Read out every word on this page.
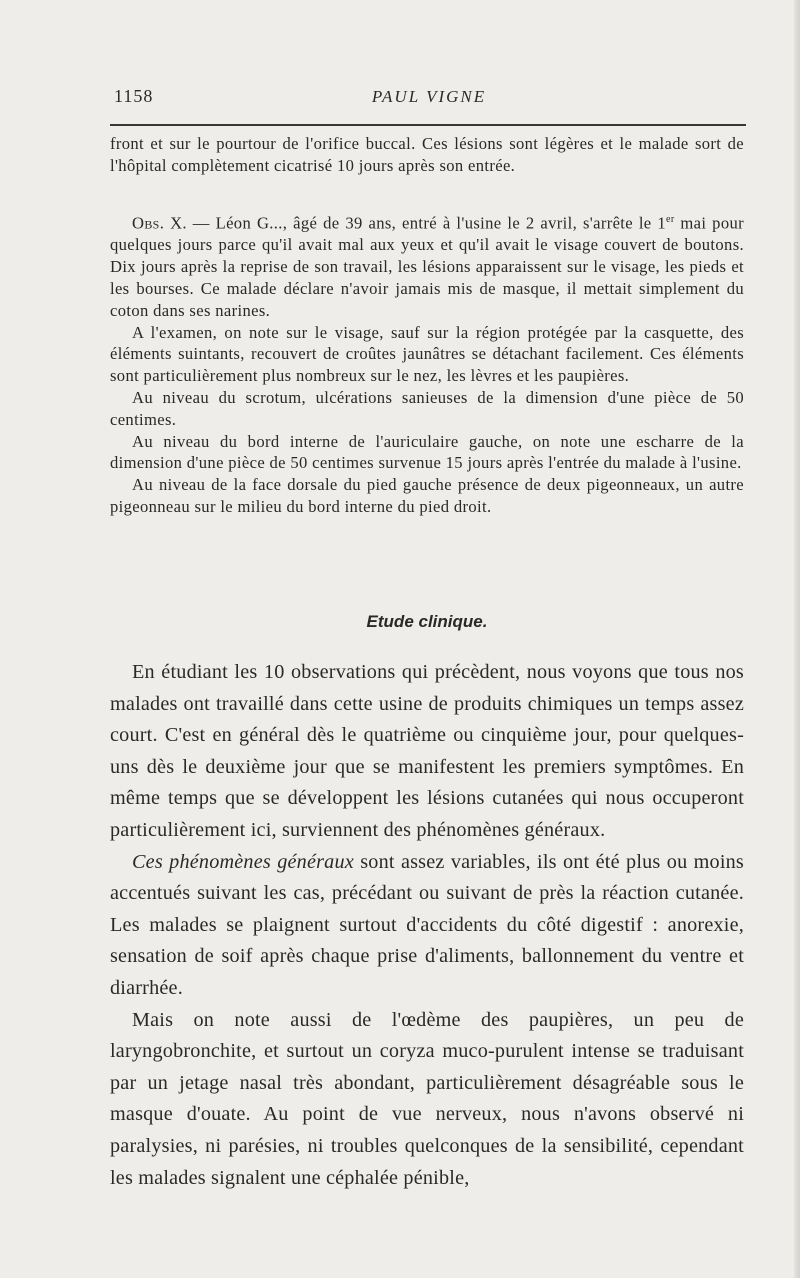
1158	PAUL VIGNE

front et sur le pourtour de l'orifice buccal. Ces lésions sont légères et le malade sort de l'hôpital complètement cicatrisé 10 jours après son entrée.

Obs. X. — Léon G..., âgé de 39 ans, entré à l'usine le 2 avril, s'arrête le 1er mai pour quelques jours parce qu'il avait mal aux yeux et qu'il avait le visage couvert de boutons. Dix jours après la reprise de son travail, les lésions apparaissent sur le visage, les pieds et les bourses. Ce malade déclare n'avoir jamais mis de masque, il mettait simplement du coton dans ses narines.

A l'examen, on note sur le visage, sauf sur la région protégée par la casquette, des éléments suintants, recouvert de croûtes jaunâtres se détachant facilement. Ces éléments sont particulièrement plus nombreux sur le nez, les lèvres et les paupières.

Au niveau du scrotum, ulcérations sanieuses de la dimension d'une pièce de 50 centimes.

Au niveau du bord interne de l'auriculaire gauche, on note une escharre de la dimension d'une pièce de 50 centimes survenue 15 jours après l'entrée du malade à l'usine.

Au niveau de la face dorsale du pied gauche présence de deux pigeonneaux, un autre pigeonneau sur le milieu du bord interne du pied droit.

Etude clinique.

En étudiant les 10 observations qui précèdent, nous voyons que tous nos malades ont travaillé dans cette usine de produits chimiques un temps assez court. C'est en général dès le quatrième ou cinquième jour, pour quelques-uns dès le deuxième jour que se manifestent les premiers symptômes. En même temps que se développent les lésions cutanées qui nous occuperont particulièrement ici, surviennent des phénomènes généraux.

Ces phénomènes généraux sont assez variables, ils ont été plus ou moins accentués suivant les cas, précédant ou suivant de près la réaction cutanée. Les malades se plaignent surtout d'accidents du côté digestif : anorexie, sensation de soif après chaque prise d'aliments, ballonnement du ventre et diarrhée.

Mais on note aussi de l'œdème des paupières, un peu de laryngobronchite, et surtout un coryza muco-purulent intense se traduisant par un jetage nasal très abondant, particulièrement désagréable sous le masque d'ouate. Au point de vue nerveux, nous n'avons observé ni paralysies, ni parésies, ni troubles quelconques de la sensibilité, cependant les malades signalent une céphalée pénible,
